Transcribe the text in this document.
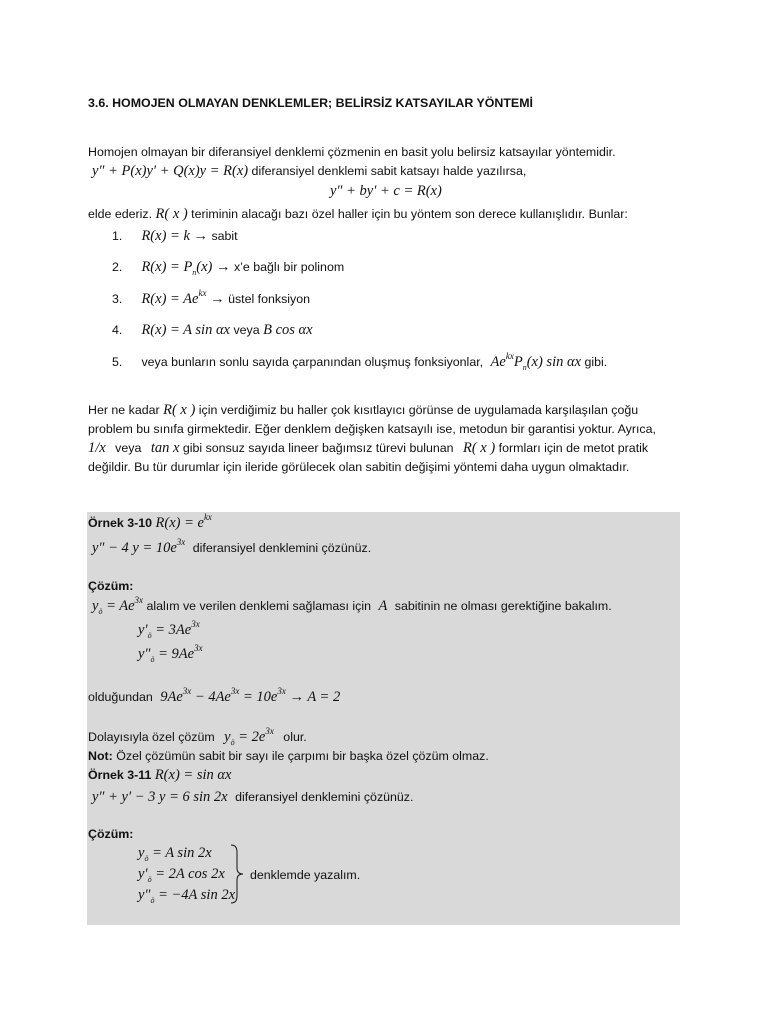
3.6. HOMOJEN OLMAYAN DENKLEMLER; BELİRSİZ KATSAYILAR YÖNTEMİ
Homojen olmayan bir diferansiyel denklemi çözmenin en basit yolu belirsiz katsayılar yöntemidir.
y″ + P(x)y′ + Q(x)y = R(x) diferansiyel denklemi sabit katsayı halde yazılırsa,
y″ + by′ + c = R(x)
elde ederiz. R( x ) teriminin alacağı bazı özel haller için bu yöntem son derece kullanışlıdır. Bunlar:
1. R(x) = k → sabit
2. $R(x) = P_n(x)$ → x’e bağlı bir polinom
3. $R(x) = Ae^{kx}$ → üstel fonksiyon
4. R(x) = A sin αx veya B cos αx
5. veya bunların sonlu sayıda çarpanından oluşmuş fonksiyonlar, $Ae^{kx}P_n(x)$ sin αx gibi.
Her ne kadar R( x ) için verdiğimiz bu haller çok kısıtlayıcı görünse de uygulamada karşılaşılan çoğu
problem bu sınıfa girmektedir. Eğer denklem değişken katsayılı ise, metodun bir garantisi yoktur. Ayrıca,
1/x veya tan x gibi sonsuz sayıda lineer bağımsız türevi bulunan R( x ) formları için de metot pratik
değildir. Bu tür durumlar için ileride görülecek olan sabitin değişimi yöntemi daha uygun olmaktadır.
Örnek 3-10 $R(x) = e^{kx}$
y″ − 4 $y = 10e^{3x}$ diferansiyel denklemini çözünüz.
Çözüm:
$y_ö = Ae^{3x}$ alalım ve verilen denklemi sağlaması için A sabitinin ne olması gerektiğine bakalım.
$y'_ö = 3Ae^{3x}$
$y''_ö = 9Ae^{3x}$
olduğundan $9Ae^{3x} - 4Ae^{3x} = 10e^{3x} \to A = 2$
Dolayısıyla özel çözüm $y_ö = 2e^{3x}$ olur.
Not: Özel çözümün sabit bir sayı ile çarpımı bir başka özel çözüm olmaz.
Örnek 3-11 R(x) = sin αx
y″ + y′ − 3 y = 6 sin 2x diferansiyel denklemini çözünüz.
Çözüm:
$y_ö = A$ sin 2x
$y'_ö = 2A$ cos 2x
$y''_ö = -4A$ sin 2x
denklemde yazalım.
